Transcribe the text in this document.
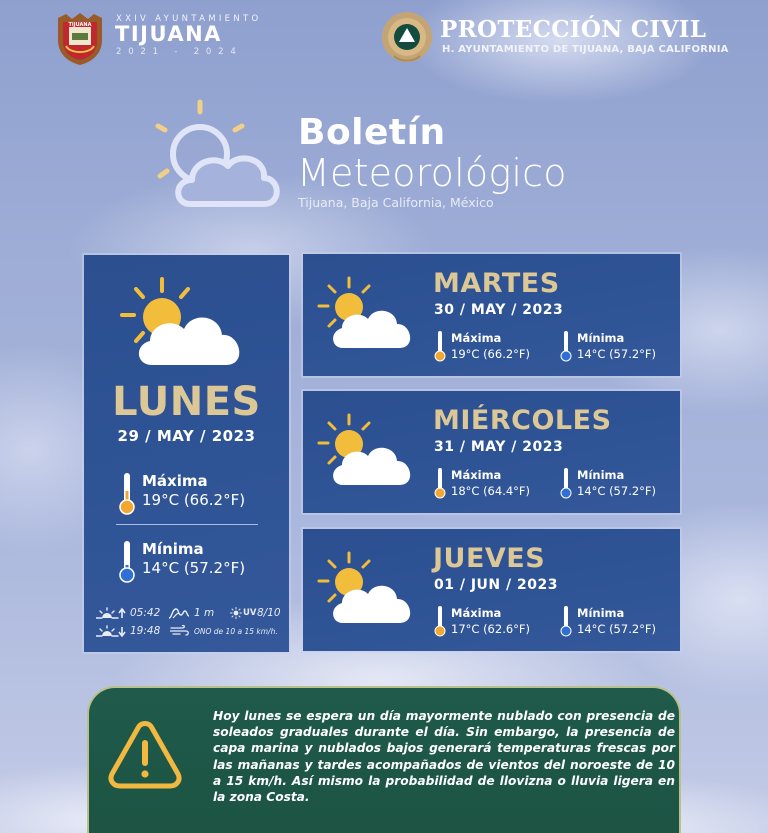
TIJUANA
XXIV AYUNTAMIENTO
TIJUANA
2021 - 2024
PROTECCIÓN CIVIL
H. AYUNTAMIENTO DE TIJUANA, BAJA CALIFORNIA
Boletín
Meteorológico
Tijuana, Baja California, México
LUNES
29 / MAY / 2023
Máxima
19°C (66.2°F)
Mínima
14°C (57.2°F)
05:42
19:48
1 m	UV 8/10
ONO de 10 a 15 km/h.
MARTES
30 / MAY / 2023
Máxima
19°C (66.2°F)
Mínima
14°C (57.2°F)
MIÉRCOLES
31 / MAY / 2023
Máxima
18°C (64.4°F)
Mínima
14°C (57.2°F)
JUEVES
01 / JUN / 2023
Máxima
17°C (62.6°F)
Mínima
14°C (57.2°F)
Hoy lunes se espera un día mayormente nublado con presencia de soleados graduales durante el día. Sin embargo, la presencia de capa marina y nublados bajos generará temperaturas frescas por las mañanas y tardes acompañados de vientos del noroeste de 10 a 15 km/h. Así mismo la probabilidad de llovizna o lluvia ligera en la zona Costa.
